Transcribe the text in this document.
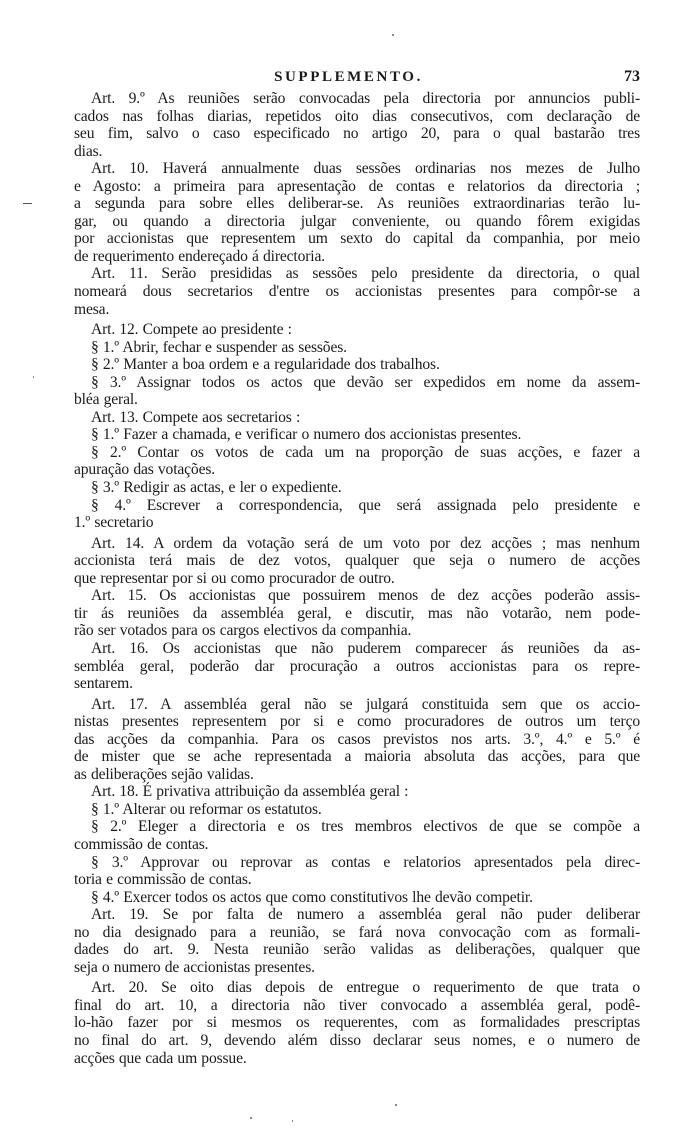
SUPPLEMENTO.	73
Art. 9.º As reuniões serão convocadas pela directoria por annuncios publi-
cados nas folhas diarias, repetidos oito dias consecutivos, com declaração de
seu fim, salvo o caso especificado no artigo 20, para o qual bastarão tres
dias.
Art. 10. Haverá annualmente duas sessões ordinarias nos mezes de Julho
e Agosto: a primeira para apresentação de contas e relatorios da directoria ;
a segunda para sobre elles deliberar-se. As reuniões extraordinarias terão lu-
gar, ou quando a directoria julgar conveniente, ou quando fôrem exigidas
por accionistas que representem um sexto do capital da companhia, por meio
de requerimento endereçado á directoria.
Art. 11. Serão presididas as sessões pelo presidente da directoria, o qual
nomeará dous secretarios d'entre os accionistas presentes para compôr-se a
mesa.
Art. 12. Compete ao presidente :
§ 1.º Abrir, fechar e suspender as sessões.
§ 2.º Manter a boa ordem e a regularidade dos trabalhos.
§ 3.º Assignar todos os actos que devão ser expedidos em nome da assem-
bléa geral.
Art. 13. Compete aos secretarios :
§ 1.º Fazer a chamada, e verificar o numero dos accionistas presentes.
§ 2.º Contar os votos de cada um na proporção de suas acções, e fazer a
apuração das votações.
§ 3.º Redigir as actas, e ler o expediente.
§ 4.º Escrever a correspondencia, que será assignada pelo presidente e
1.º secretario
Art. 14. A ordem da votação será de um voto por dez acções ; mas nenhum
accionista terá mais de dez votos, qualquer que seja o numero de acções
que representar por si ou como procurador de outro.
Art. 15. Os accionistas que possuirem menos de dez acções poderão assis-
tir ás reuniões da assembléa geral, e discutir, mas não votarão, nem pode-
rão ser votados para os cargos electivos da companhia.
Art. 16. Os accionistas que não puderem comparecer ás reuniões da as-
sembléa geral, poderão dar procuração a outros accionistas para os repre-
sentarem.
Art. 17. A assembléa geral não se julgará constituida sem que os accio-
nistas presentes representem por si e como procuradores de outros um terço
das acções da companhia. Para os casos previstos nos arts. 3.º, 4.º e 5.º é
de mister que se ache representada a maioria absoluta das acções, para que
as deliberações sejão validas.
Art. 18. É privativa attribuição da assembléa geral :
§ 1.º Alterar ou reformar os estatutos.
§ 2.º Eleger a directoria e os tres membros electivos de que se compõe a
commissão de contas.
§ 3.º Approvar ou reprovar as contas e relatorios apresentados pela direc-
toria e commissão de contas.
§ 4.º Exercer todos os actos que como constitutivos lhe devão competir.
Art. 19. Se por falta de numero a assembléa geral não puder deliberar
no dia designado para a reunião, se fará nova convocação com as formali-
dades do art. 9. Nesta reunião serão validas as deliberações, qualquer que
seja o numero de accionistas presentes.
Art. 20. Se oito dias depois de entregue o requerimento de que trata o
final do art. 10, a directoria não tiver convocado a assembléa geral, podê-
lo-hão fazer por si mesmos os requerentes, com as formalidades prescriptas
no final do art. 9, devendo além disso declarar seus nomes, e o numero de
acções que cada um possue.
